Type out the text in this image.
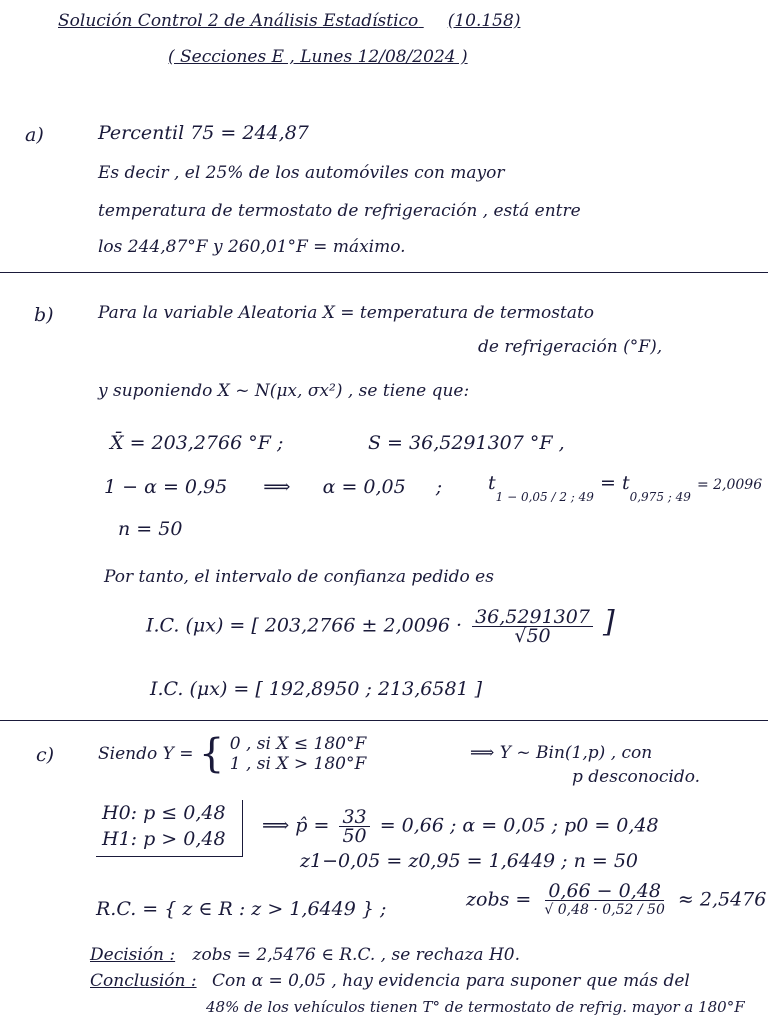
Solución Control 2 de Análisis Estadístico (10.158)
( Secciones E , Lunes 12/08/2024 )
a)	Percentil 75 = 244,87
Es decir , el 25% de los automóviles con mayor
temperatura de termostato de refrigeración , está entre
los 244,87°F y 260,01°F = máximo.
b)	Para la variable Aleatoria X = temperatura de termostato
de refrigeración (°F),
y suponiendo X ~ N(μx, σx²) , se tiene que:
X̄ = 203,2766 °F ;	S = 36,5291307 °F ,
1 − α = 0,95 ⟹ α = 0,05 ; $t_{1 - 0,05 / 2 ; 49} = t_{0,975 ; 49} = 2,0096$
n = 50
Por tanto, el intervalo de confianza pedido es
I.C. (μx) = [ $203,2766 \pm 2,0096 \cdot \frac{36,5291307}{√50}$ ]
I.C. (μx) = [ 192,8950 ; 213,6581 ]
c)	Siendo Y = { 0 , si X ≤ 180°F
1 , si X > 180°F
⟹ Y ~ Bin(1,p) , con
p desconocido.
H0: p ≤ 0,48
H1: p > 0,48
⟹ p̂ = $\frac{33}{50} = 0,66$ ; α = 0,05 ; p0 = 0,48
z1−0,05 = z0,95 = 1,6449 ; n = 50
R.C. = { z ∈ R : z > 1,6449 } ;	zobs = $\frac{0,66 - 0,48}{√ 0,48 \cdot 0,52 / 50} \approx 2,5476$
Decisión : zobs = 2,5476 ∈ R.C. , se rechaza H0.
Conclusión : Con α = 0,05 , hay evidencia para suponer que más del
48% de los vehículos tienen T° de termostato de refrig. mayor a 180°F
